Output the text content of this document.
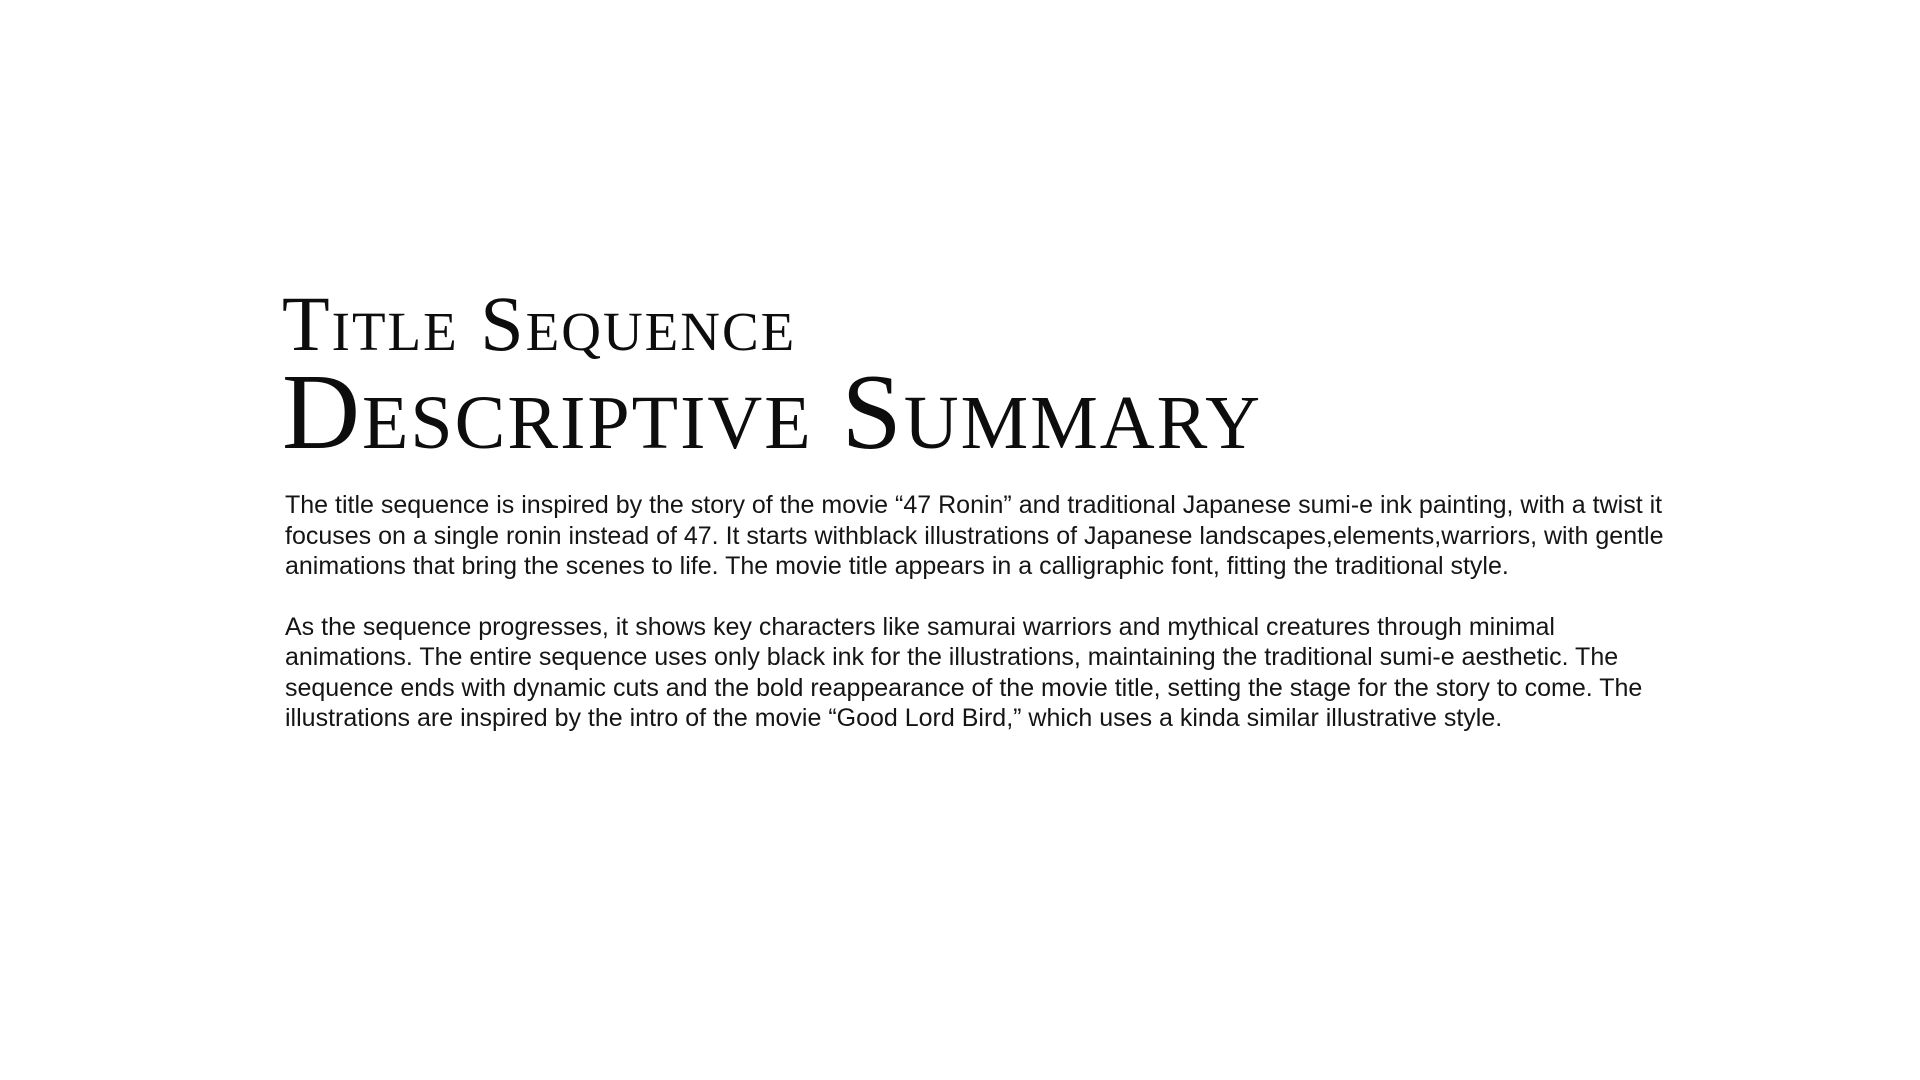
Title Sequence
Descriptive Summary

The title sequence is inspired by the story of the movie “47 Ronin” and traditional Japanese sumi-e ink painting, with a twist it focuses on a single ronin instead of 47. It starts withblack illustrations of Japanese landscapes,elements,warriors, with gentle animations that bring the scenes to life. The movie title appears in a calligraphic font, fitting the traditional style.

As the sequence progresses, it shows key characters like samurai warriors and mythical creatures through minimal animations. The entire sequence uses only black ink for the illustrations, maintaining the traditional sumi-e aesthetic. The sequence ends with dynamic cuts and the bold reappearance of the movie title, setting the stage for the story to come. The illustrations are inspired by the intro of the movie “Good Lord Bird,” which uses a kinda similar illustrative style.
